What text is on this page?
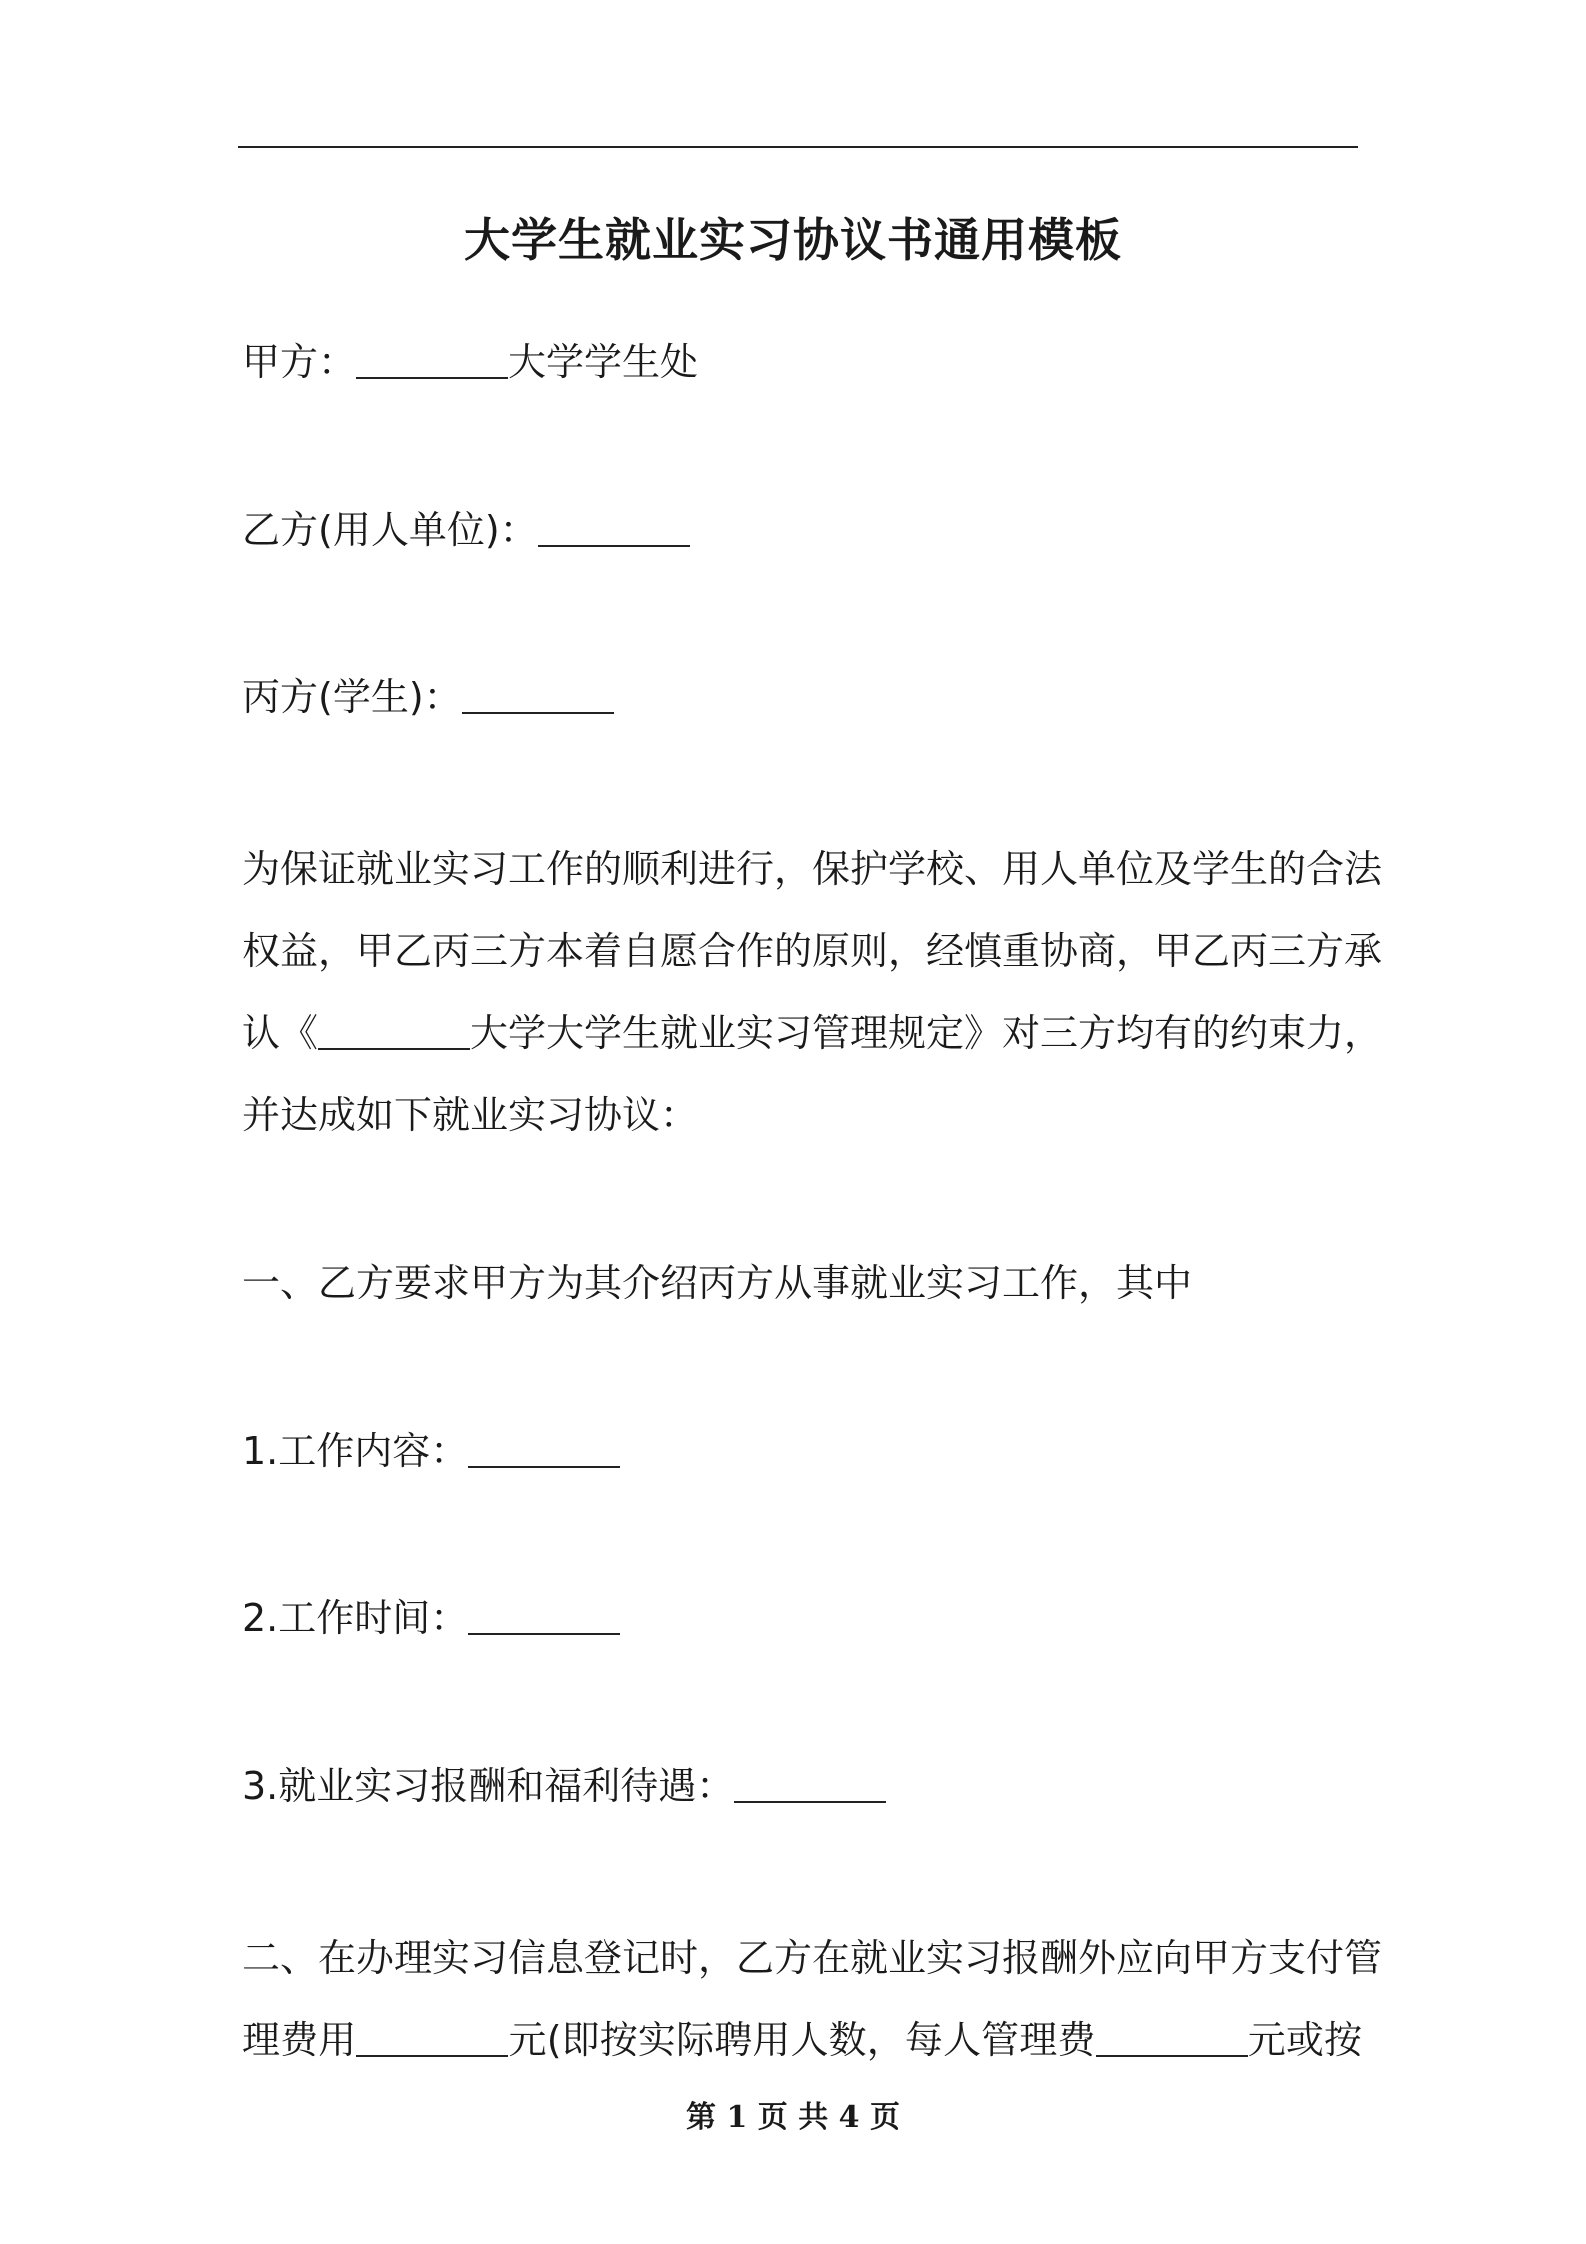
大学生就业实习协议书通用模板
甲方：	大学学生处
乙方(用人单位)：
丙方(学生)：
为保证就业实习工作的顺利进行，保护学校、用人单位及学生的合法
权益，甲乙丙三方本着自愿合作的原则，经慎重协商，甲乙丙三方承
认《	大学大学生就业实习管理规定》对三方均有的约束力，
并达成如下就业实习协议：
一、乙方要求甲方为其介绍丙方从事就业实习工作，其中
1.工作内容：
2.工作时间：
3.就业实习报酬和福利待遇：
二、在办理实习信息登记时，乙方在就业实习报酬外应向甲方支付管
理费用	元(即按实际聘用人数，每人管理费	元或按
第 1 页 共 4 页
